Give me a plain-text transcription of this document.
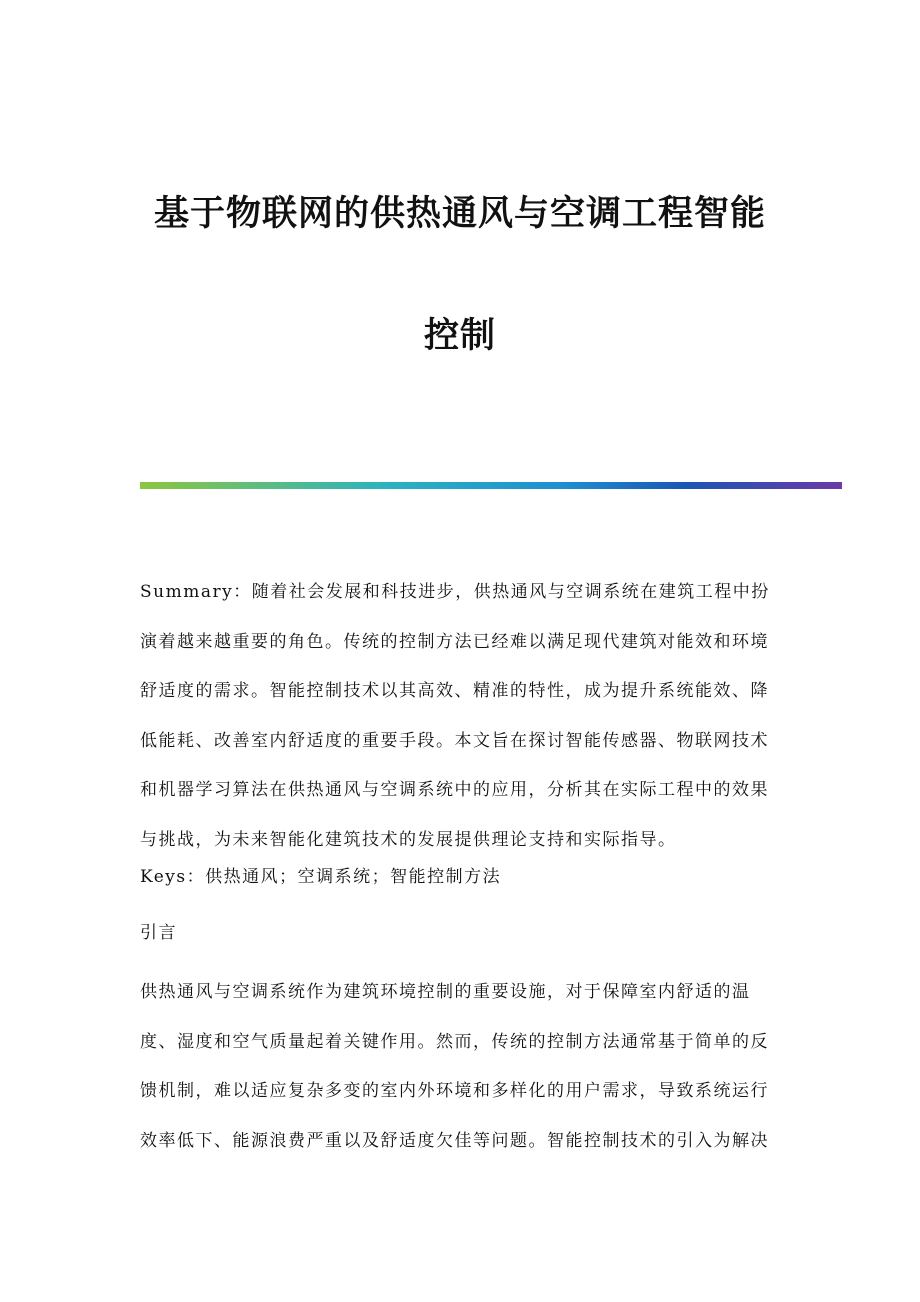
基于物联网的供热通风与空调工程智能
控制

Summary：随着社会发展和科技进步，供热通风与空调系统在建筑工程中扮演着越来越重要的角色。传统的控制方法已经难以满足现代建筑对能效和环境舒适度的需求。智能控制技术以其高效、精准的特性，成为提升系统能效、降低能耗、改善室内舒适度的重要手段。本文旨在探讨智能传感器、物联网技术和机器学习算法在供热通风与空调系统中的应用，分析其在实际工程中的效果与挑战，为未来智能化建筑技术的发展提供理论支持和实际指导。

Keys：供热通风；空调系统；智能控制方法

引言

供热通风与空调系统作为建筑环境控制的重要设施，对于保障室内舒适的温度、湿度和空气质量起着关键作用。然而，传统的控制方法通常基于简单的反馈机制，难以适应复杂多变的室内外环境和多样化的用户需求，导致系统运行效率低下、能源浪费严重以及舒适度欠佳等问题。智能控制技术的引入为解决
